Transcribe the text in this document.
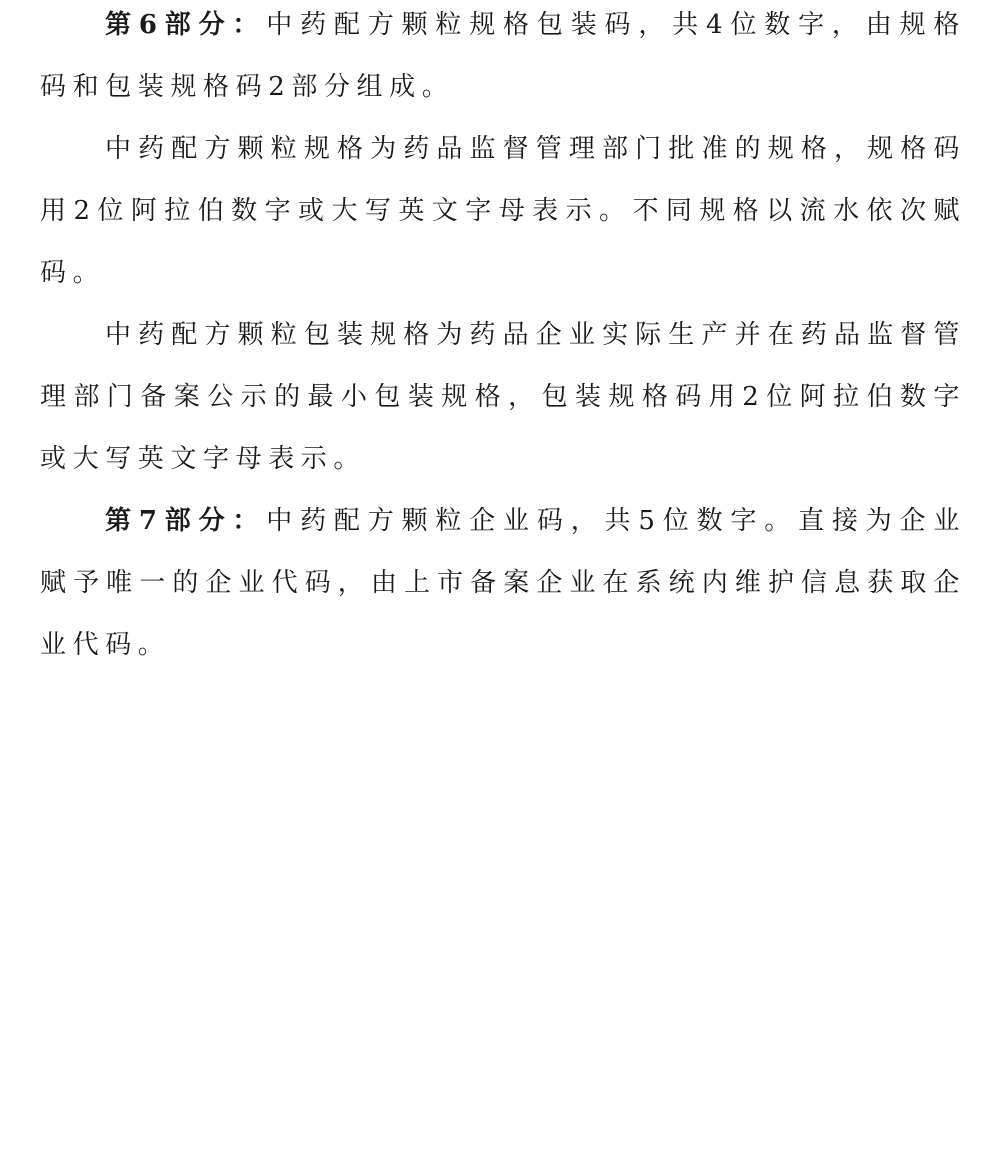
第6部分：中药配方颗粒规格包装码，共4位数字，由规格码和包装规格码2部分组成。

中药配方颗粒规格为药品监督管理部门批准的规格，规格码用2位阿拉伯数字或大写英文字母表示。不同规格以流水依次赋码。

中药配方颗粒包装规格为药品企业实际生产并在药品监督管理部门备案公示的最小包装规格，包装规格码用2位阿拉伯数字或大写英文字母表示。

第7部分：中药配方颗粒企业码，共5位数字。直接为企业赋予唯一的企业代码，由上市备案企业在系统内维护信息获取企业代码。
